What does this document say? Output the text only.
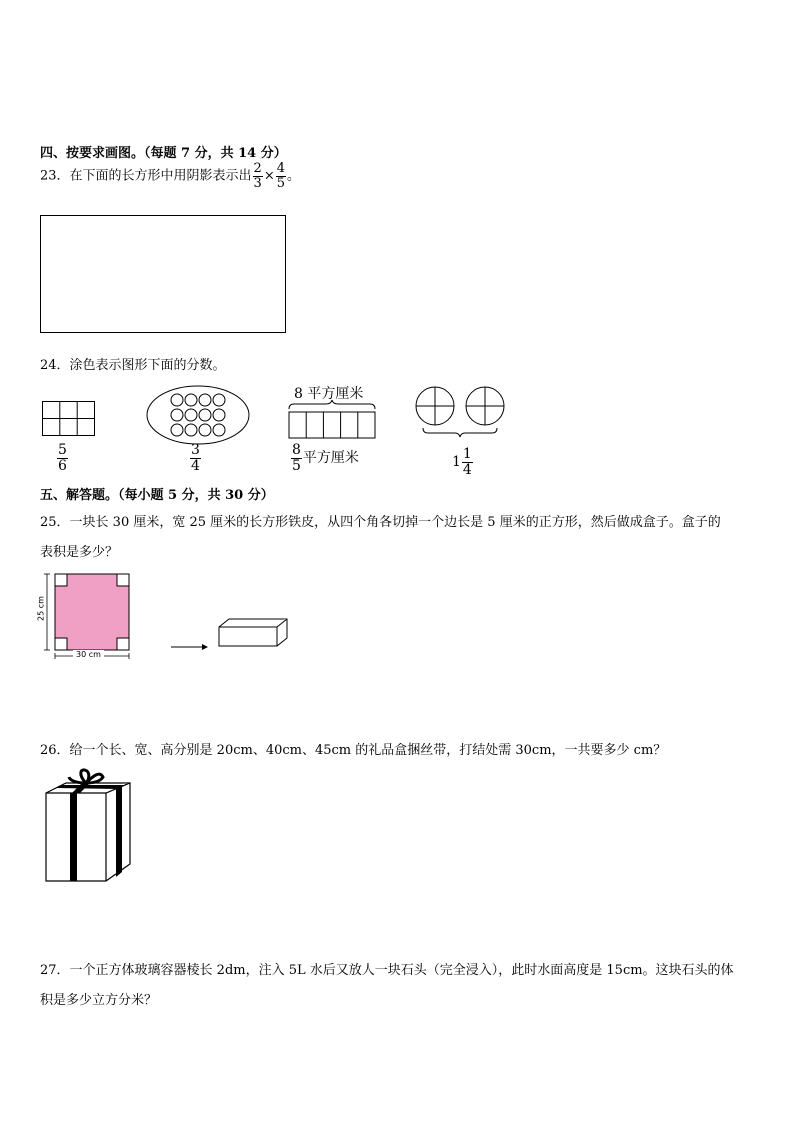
四、按要求画图。（每题 7 分，共 14 分）
23．在下面的长方形中用阴影表示出 $\frac{2}{3} \times \frac{4}{5}$ 。
24．涂色表示图形下面的分数。
$\frac{5}{6}$	$\frac{3}{4}$
8 平方厘米
$\frac{8}{5}$ 平方厘米	$1 \frac{1}{4}$
五、解答题。（每小题 5 分，共 30 分）
25．一块长 30 厘米，宽 25 厘米的长方形铁皮，从四个角各切掉一个边长是 5 厘米的正方形，然后做成盒子。盒子的
表积是多少？
25 cm
30 cm
26．给一个长、宽、高分别是 20cm、40cm、45cm 的礼品盒捆丝带，打结处需 30cm，一共要多少 cm？
27．一个正方体玻璃容器棱长 2dm，注入 5L 水后又放人一块石头（完全浸入），此时水面高度是 15cm。这块石头的体
积是多少立方分米？
